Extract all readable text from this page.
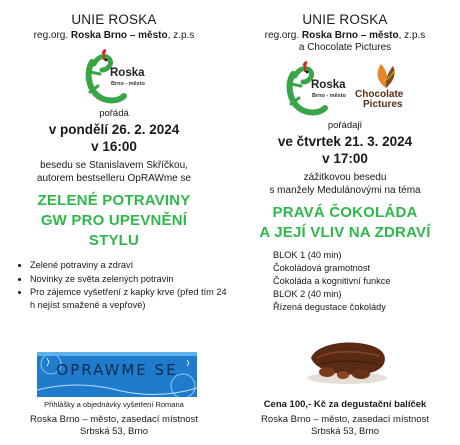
UNIE ROSKA
reg.org. Roska Brno – město, z.p.s
Roska
Brno - město
pořádá
v pondělí 26. 2. 2024
v 16:00
besedu se Stanislavem Skříčkou,
autorem bestselleru OpRAWme se
ZELENÉ POTRAVINY
GW PRO UPEVNĚNÍ
STYLU
• Zelené potraviny a zdraví
• Novinky ze světa zelených potravin
• Pro zájemce vyšetření z kapky krve (před tím 24 h nejíst smažené a vepřové)
OPRAWME SE
Přihlášky a objednávky vyšetření Romana
Roska Brno – město, zasedací místnost
Srbská 53, Brno
UNIE ROSKA
reg.org. Roska Brno – město, z.p.s
a Chocolate Pictures
Roska
Brno - město Chocolate
Pictures
pořádají
ve čtvrtek 21. 3. 2024
v 17:00
zážitkovou besedu
s manžely Medulánovými na téma
PRAVÁ ČOKOLÁDA
A JEJÍ VLIV NA ZDRAVÍ
BLOK 1 (40 min)
Čokoládová gramotnost
Čokoláda a kognitivní funkce
BLOK 2 (40 min)
Řízená degustace čokolády
Cena 100,- Kč za degustační balíček
Roska Brno – město, zasedací místnost
Srbská 53, Brno
